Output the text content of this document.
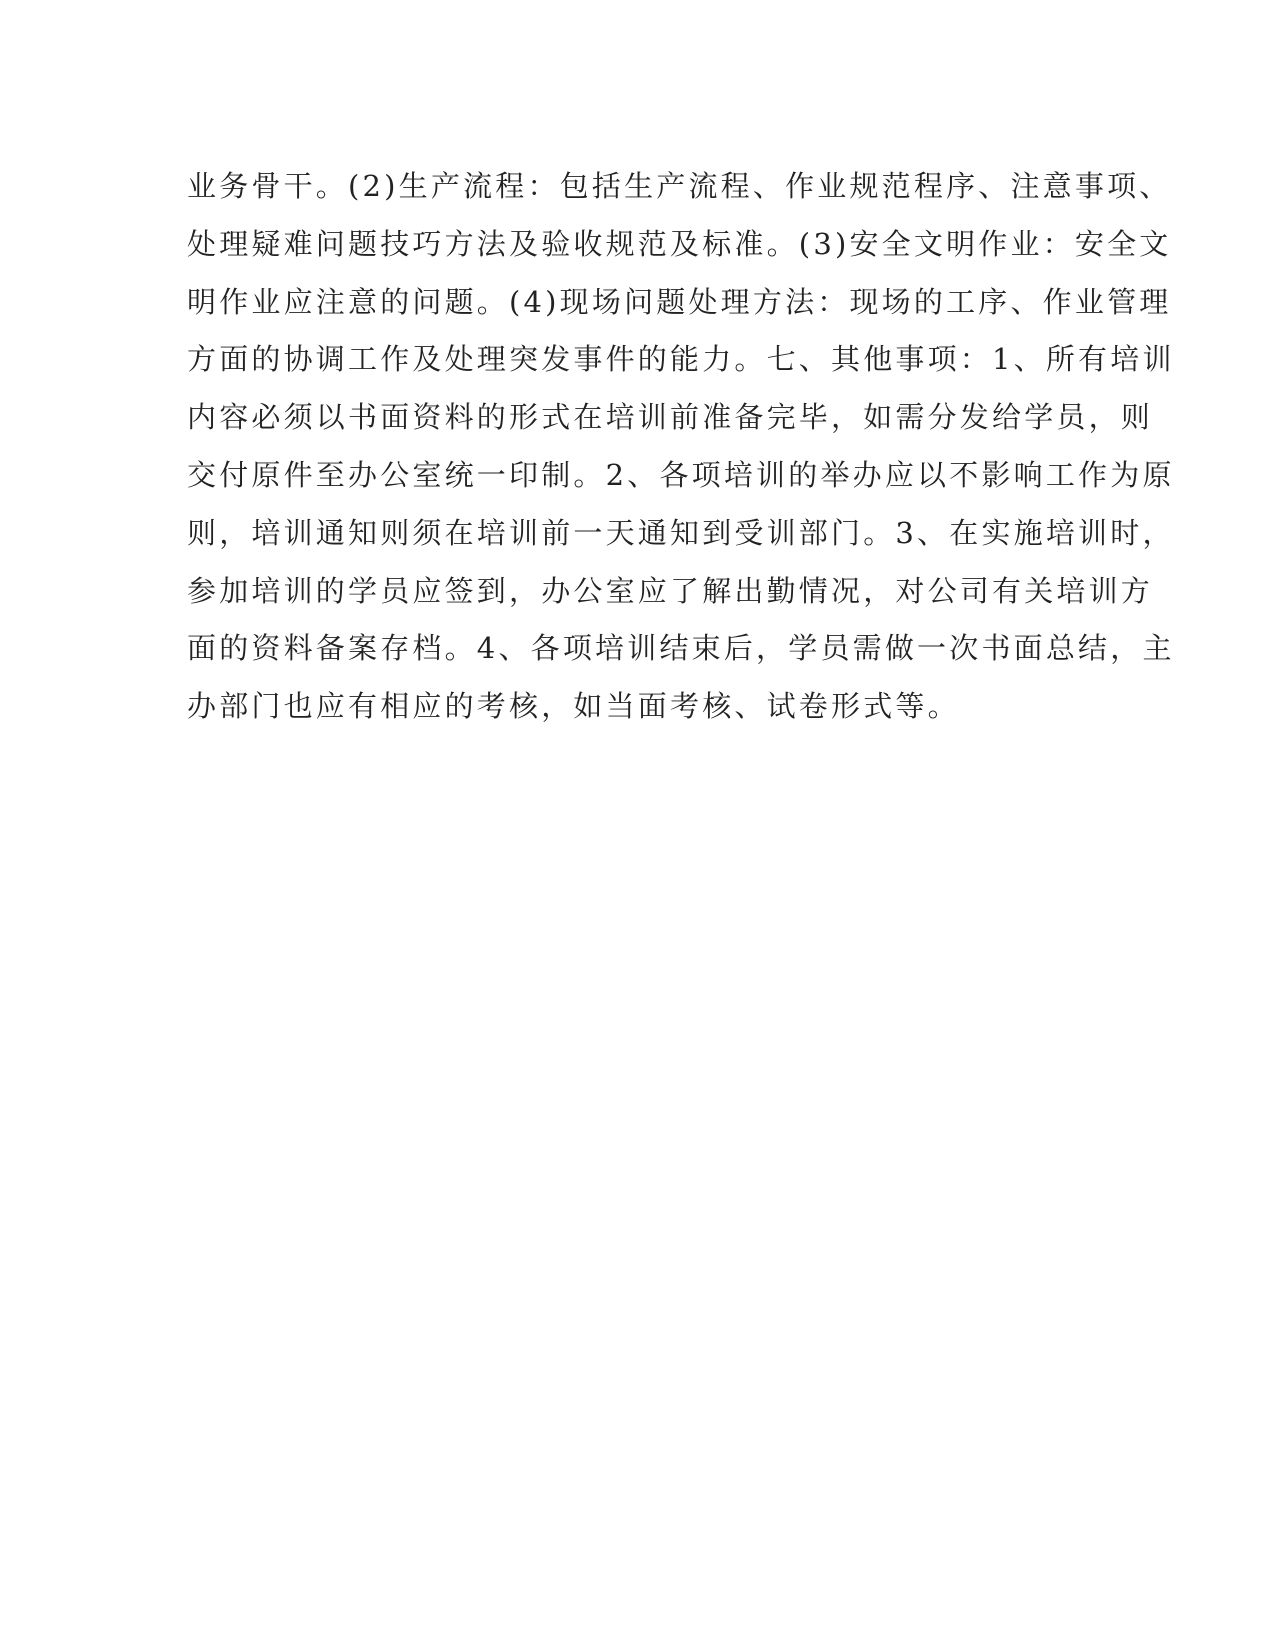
业务骨干。(2)生产流程：包括生产流程、作业规范程序、注意事项、
处理疑难问题技巧方法及验收规范及标准。(3)安全文明作业：安全文
明作业应注意的问题。(4)现场问题处理方法：现场的工序、作业管理
方面的协调工作及处理突发事件的能力。七、其他事项：1、所有培训
内容必须以书面资料的形式在培训前准备完毕，如需分发给学员，则
交付原件至办公室统一印制。2、各项培训的举办应以不影响工作为原
则，培训通知则须在培训前一天通知到受训部门。3、在实施培训时，
参加培训的学员应签到，办公室应了解出勤情况，对公司有关培训方
面的资料备案存档。4、各项培训结束后，学员需做一次书面总结，主
办部门也应有相应的考核，如当面考核、试卷形式等。
